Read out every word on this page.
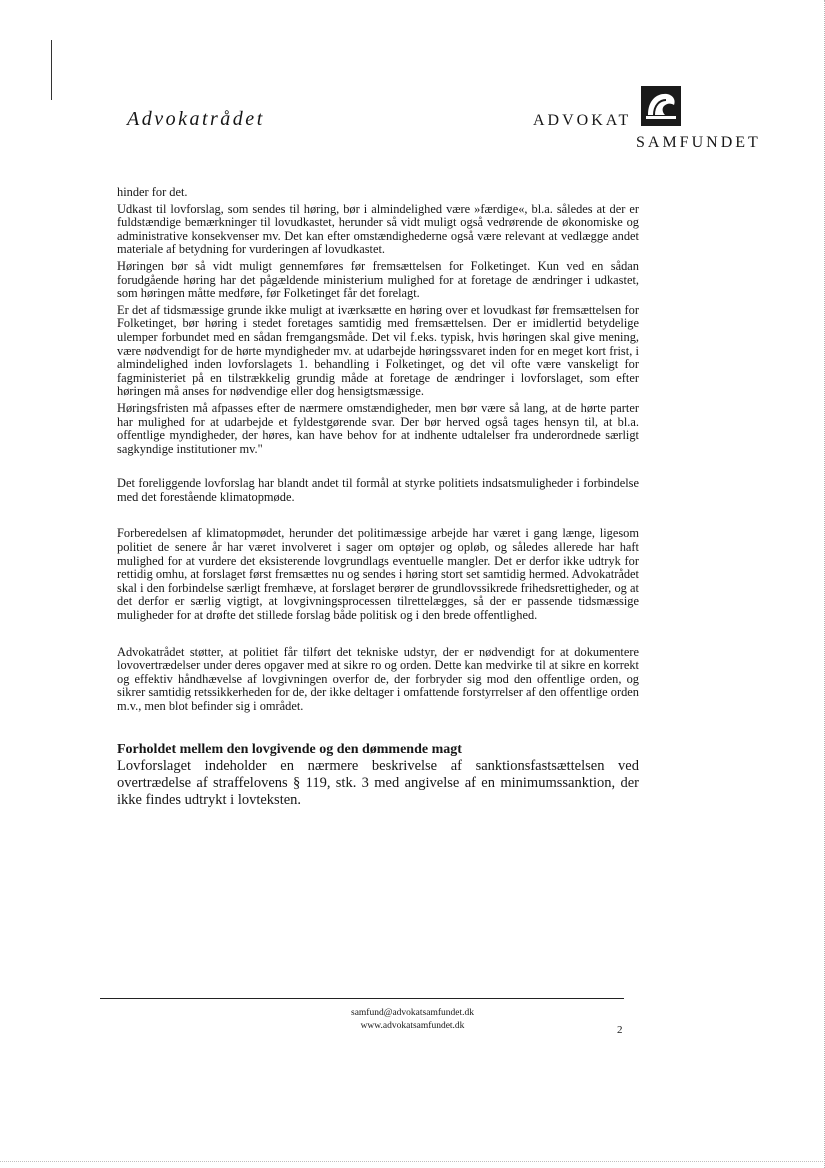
Advokatrådet	ADVOKAT
SAMFUNDET

hinder for det.

Udkast til lovforslag, som sendes til høring, bør i almindelighed være »færdige«, bl.a. således at der er fuldstændige bemærkninger til lovudkastet, herunder så vidt muligt også vedrørende de økonomiske og administrative konsekvenser mv. Det kan efter omstændighederne også være relevant at vedlægge andet materiale af betydning for vurderingen af lovudkastet.

Høringen bør så vidt muligt gennemføres før fremsættelsen for Folketinget. Kun ved en sådan forudgående høring har det pågældende ministerium mulighed for at foretage de ændringer i udkastet, som høringen måtte medføre, før Folketinget får det forelagt.

Er det af tidsmæssige grunde ikke muligt at iværksætte en høring over et lovudkast før fremsættelsen for Folketinget, bør høring i stedet foretages samtidig med fremsættelsen. Der er imidlertid betydelige ulemper forbundet med en sådan fremgangsmåde. Det vil f.eks. typisk, hvis høringen skal give mening, være nødvendigt for de hørte myndigheder mv. at udarbejde høringssvaret inden for en meget kort frist, i almindelighed inden lovforslagets 1. behandling i Folketinget, og det vil ofte være vanskeligt for fagministeriet på en tilstrækkelig grundig måde at foretage de ændringer i lovforslaget, som efter høringen må anses for nødvendige eller dog hensigtsmæssige.

Høringsfristen må afpasses efter de nærmere omstændigheder, men bør være så lang, at de hørte parter har mulighed for at udarbejde et fyldestgørende svar. Der bør herved også tages hensyn til, at bl.a. offentlige myndigheder, der høres, kan have behov for at indhente udtalelser fra underordnede særligt sagkyndige institutioner mv."

Det foreliggende lovforslag har blandt andet til formål at styrke politiets indsatsmuligheder i forbindelse med det forestående klimatopmøde.

Forberedelsen af klimatopmødet, herunder det politimæssige arbejde har været i gang længe, ligesom politiet de senere år har været involveret i sager om optøjer og opløb, og således allerede har haft mulighed for at vurdere det eksisterende lovgrundlags eventuelle mangler. Det er derfor ikke udtryk for rettidig omhu, at forslaget først fremsættes nu og sendes i høring stort set samtidig hermed. Advokatrådet skal i den forbindelse særligt fremhæve, at forslaget berører de grundlovssikrede frihedsrettigheder, og at det derfor er særlig vigtigt, at lovgivningsprocessen tilrettelægges, så der er passende tidsmæssige muligheder for at drøfte det stillede forslag både politisk og i den brede offentlighed.

Advokatrådet støtter, at politiet får tilført det tekniske udstyr, der er nødvendigt for at dokumentere lovovertrædelser under deres opgaver med at sikre ro og orden. Dette kan medvirke til at sikre en korrekt og effektiv håndhævelse af lovgivningen overfor de, der forbryder sig mod den offentlige orden, og sikrer samtidig retssikkerheden for de, der ikke deltager i omfattende forstyrrelser af den offentlige orden m.v., men blot befinder sig i området.

Forholdet mellem den lovgivende og den dømmende magt

Lovforslaget indeholder en nærmere beskrivelse af sanktionsfastsættelsen ved overtrædelse af straffelovens § 119, stk. 3 med angivelse af en minimumssanktion, der ikke findes udtrykt i lovteksten.

samfund@advokatsamfundet.dk
www.advokatsamfundet.dk	2
